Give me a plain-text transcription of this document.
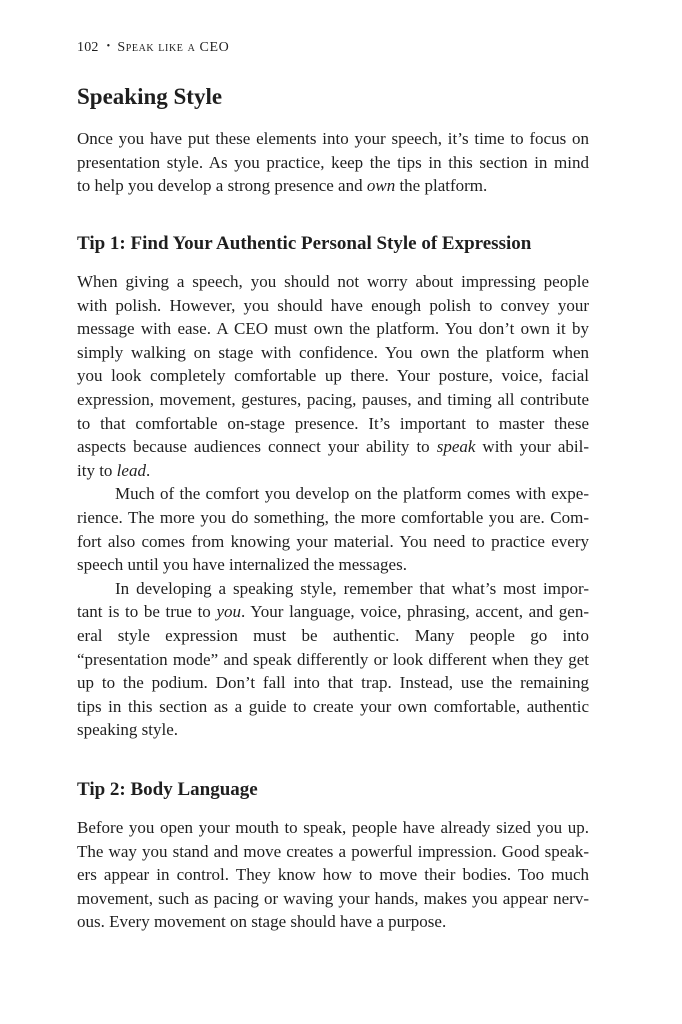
102 • Speak like a CEO
Speaking Style
Once you have put these elements into your speech, it’s time to focus on
presentation style. As you practice, keep the tips in this section in mind
to help you develop a strong presence and own the platform.
Tip 1: Find Your Authentic Personal Style of Expression
When giving a speech, you should not worry about impressing people
with polish. However, you should have enough polish to convey your
message with ease. A CEO must own the platform. You don’t own it by
simply walking on stage with confidence. You own the platform when
you look completely comfortable up there. Your posture, voice, facial
expression, movement, gestures, pacing, pauses, and timing all contribute
to that comfortable on-stage presence. It’s important to master these
aspects because audiences connect your ability to speak with your abil-
ity to lead.
Much of the comfort you develop on the platform comes with expe-
rience. The more you do something, the more comfortable you are. Com-
fort also comes from knowing your material. You need to practice every
speech until you have internalized the messages.
In developing a speaking style, remember that what’s most impor-
tant is to be true to you. Your language, voice, phrasing, accent, and gen-
eral style expression must be authentic. Many people go into
“presentation mode” and speak differently or look different when they get
up to the podium. Don’t fall into that trap. Instead, use the remaining
tips in this section as a guide to create your own comfortable, authentic
speaking style.
Tip 2: Body Language
Before you open your mouth to speak, people have already sized you up.
The way you stand and move creates a powerful impression. Good speak-
ers appear in control. They know how to move their bodies. Too much
movement, such as pacing or waving your hands, makes you appear nerv-
ous. Every movement on stage should have a purpose.
